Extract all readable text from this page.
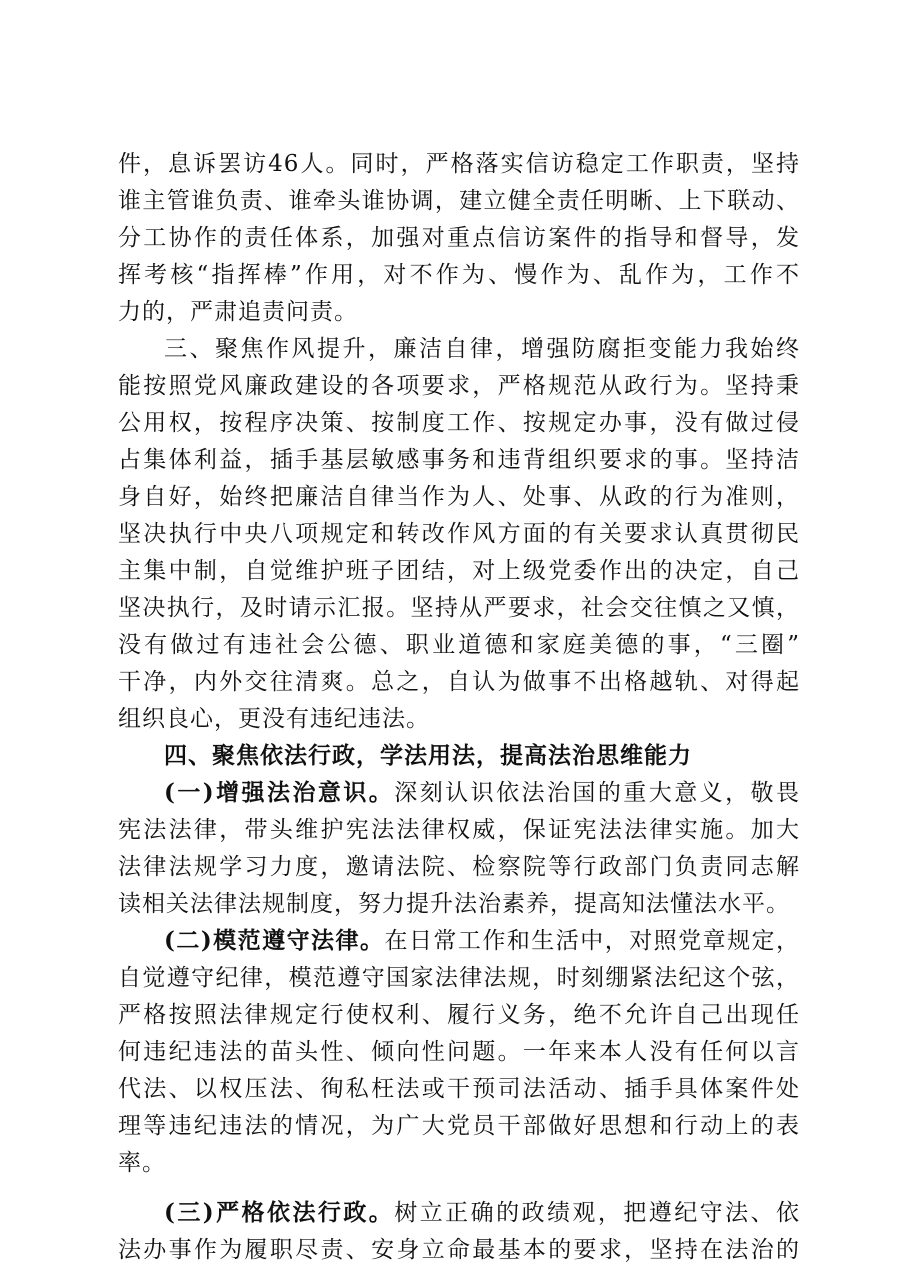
件，息诉罢访46人。同时，严格落实信访稳定工作职责，坚持
谁主管谁负责、谁牵头谁协调，建立健全责任明晰、上下联动、
分工协作的责任体系，加强对重点信访案件的指导和督导，发
挥考核“指挥棒”作用，对不作为、慢作为、乱作为，工作不
力的，严肃追责问责。
三、聚焦作风提升，廉洁自律，增强防腐拒变能力我始终
能按照党风廉政建设的各项要求，严格规范从政行为。坚持秉
公用权，按程序决策、按制度工作、按规定办事，没有做过侵
占集体利益，插手基层敏感事务和违背组织要求的事。坚持洁
身自好，始终把廉洁自律当作为人、处事、从政的行为准则，
坚决执行中央八项规定和转改作风方面的有关要求认真贯彻民
主集中制，自觉维护班子团结，对上级党委作出的决定，自己
坚决执行，及时请示汇报。坚持从严要求，社会交往慎之又慎，
没有做过有违社会公德、职业道德和家庭美德的事，“三圈”
干净，内外交往清爽。总之，自认为做事不出格越轨、对得起
组织良心，更没有违纪违法。
四、聚焦依法行政，学法用法，提高法治思维能力
(一)增强法治意识。深刻认识依法治国的重大意义，敬畏
宪法法律，带头维护宪法法律权威，保证宪法法律实施。加大
法律法规学习力度，邀请法院、检察院等行政部门负责同志解
读相关法律法规制度，努力提升法治素养，提高知法懂法水平。
(二)模范遵守法律。在日常工作和生活中，对照党章规定，
自觉遵守纪律，模范遵守国家法律法规，时刻绷紧法纪这个弦，
严格按照法律规定行使权利、履行义务，绝不允许自己出现任
何违纪违法的苗头性、倾向性问题。一年来本人没有任何以言
代法、以权压法、徇私枉法或干预司法活动、插手具体案件处
理等违纪违法的情况，为广大党员干部做好思想和行动上的表
率。
(三)严格依法行政。树立正确的政绩观，把遵纪守法、依
法办事作为履职尽责、安身立命最基本的要求，坚持在法治的
